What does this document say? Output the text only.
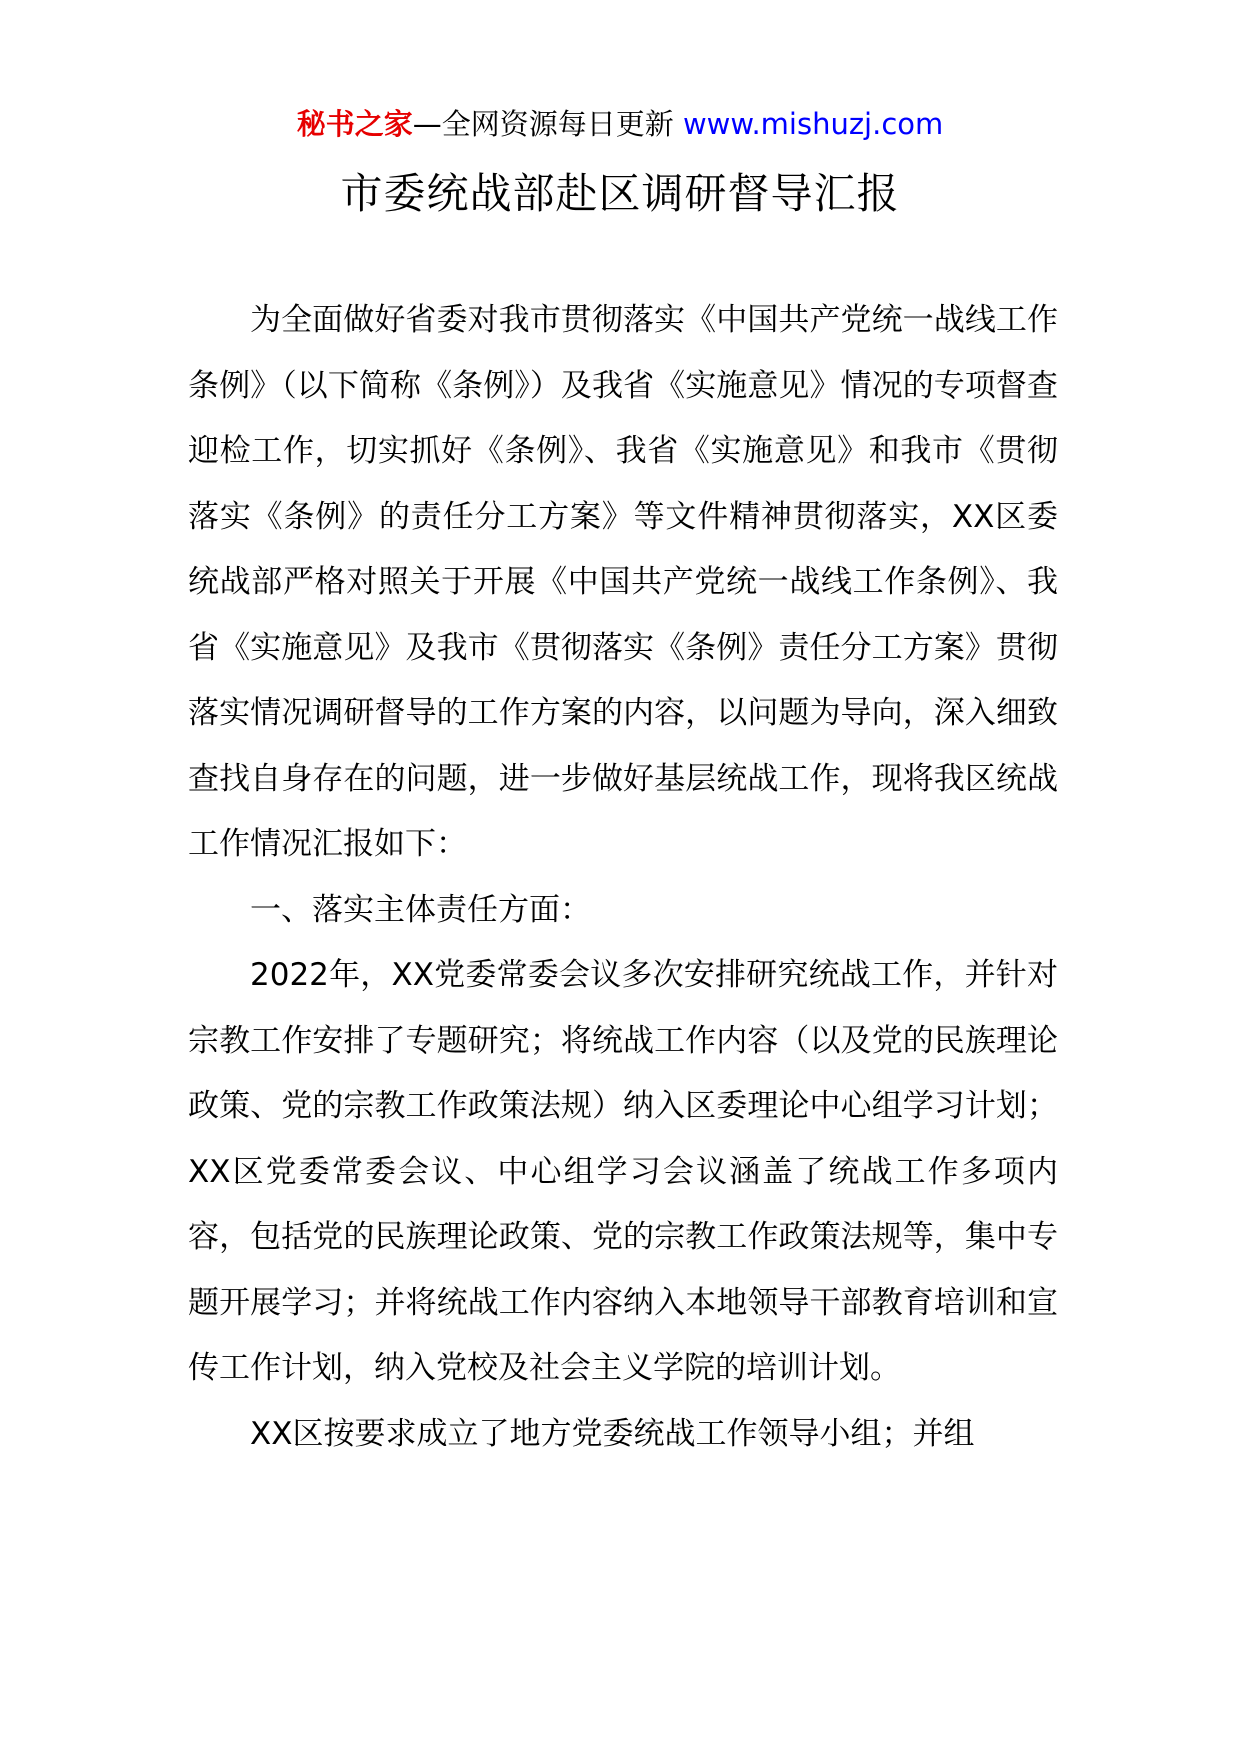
秘书之家—全网资源每日更新 www.mishuzj.com
市委统战部赴区调研督导汇报

为全面做好省委对我市贯彻落实《中国共产党统一战线工作条例》（以下简称《条例》）及我省《实施意见》情况的专项督查迎检工作，切实抓好《条例》、我省《实施意见》和我市《贯彻落实《条例》的责任分工方案》等文件精神贯彻落实，XX区委统战部严格对照关于开展《中国共产党统一战线工作条例》、我省《实施意见》及我市《贯彻落实《条例》责任分工方案》贯彻落实情况调研督导的工作方案的内容，以问题为导向，深入细致查找自身存在的问题，进一步做好基层统战工作，现将我区统战工作情况汇报如下：

一、落实主体责任方面：

2022年，XX党委常委会议多次安排研究统战工作，并针对宗教工作安排了专题研究；将统战工作内容（以及党的民族理论政策、党的宗教工作政策法规）纳入区委理论中心组学习计划；XX区党委常委会议、中心组学习会议涵盖了统战工作多项内容，包括党的民族理论政策、党的宗教工作政策法规等，集中专题开展学习；并将统战工作内容纳入本地领导干部教育培训和宣传工作计划，纳入党校及社会主义学院的培训计划。

XX区按要求成立了地方党委统战工作领导小组；并组
